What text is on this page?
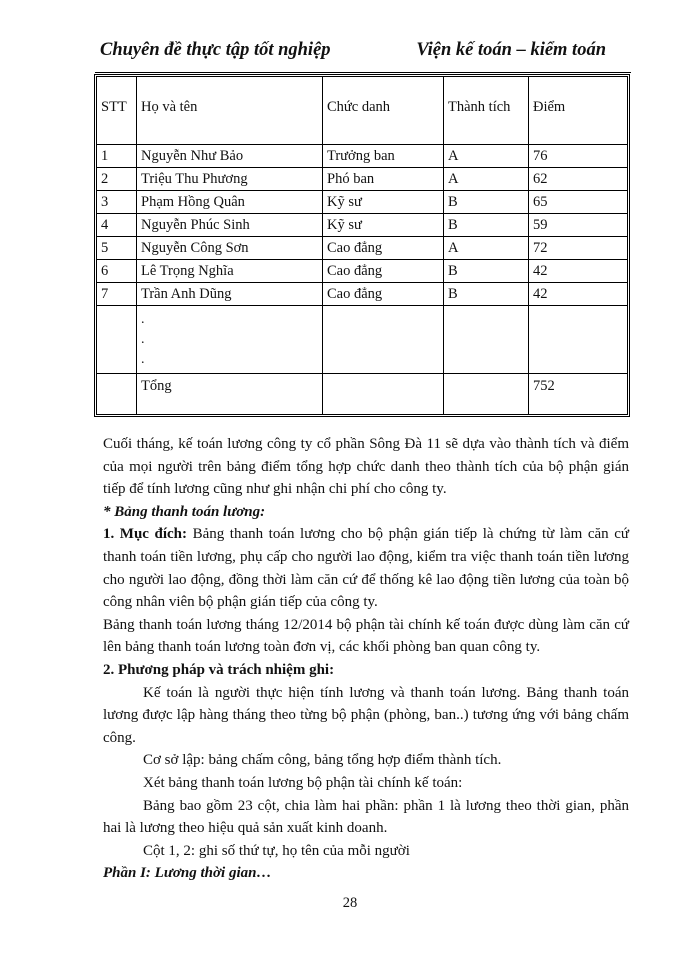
Chuyên đề thực tập tốt nghiệp	Viện kế toán – kiểm toán
STT	Họ và tên	Chức danh	Thành tích	Điểm
1	Nguyễn Như Bảo	Trưởng ban	A	76
2	Triệu Thu Phương	Phó ban	A	62
3	Phạm Hồng Quân	Kỹ sư	B	65
4	Nguyễn Phúc Sinh	Kỹ sư	B	59
5	Nguyễn Công Sơn	Cao đẳng	A	72
6	Lê Trọng Nghĩa	Cao đẳng	B	42
7	Trần Anh Dũng	Cao đẳng	B	42

	.
.
.			

	Tổng			752

Cuối tháng, kế toán lương công ty cổ phần Sông Đà 11 sẽ dựa vào thành tích và điểm của mọi người trên bảng điểm tổng hợp chức danh theo thành tích của bộ phận gián tiếp để tính lương cũng như ghi nhận chi phí cho công ty.

* Bảng thanh toán lương:

1. Mục đích: Bảng thanh toán lương cho bộ phận gián tiếp là chứng từ làm căn cứ thanh toán tiền lương, phụ cấp cho người lao động, kiểm tra việc thanh toán tiền lương cho người lao động, đồng thời làm căn cứ để thống kê lao động tiền lương của toàn bộ công nhân viên bộ phận gián tiếp của công ty.

Bảng thanh toán lương tháng 12/2014 bộ phận tài chính kế toán được dùng làm căn cứ lên bảng thanh toán lương toàn đơn vị, các khối phòng ban quan công ty.

2. Phương pháp và trách nhiệm ghi:

Kế toán là người thực hiện tính lương và thanh toán lương. Bảng thanh toán lương được lập hàng tháng theo từng bộ phận (phòng, ban..) tương ứng với bảng chấm công.

Cơ sở lập: bảng chấm công, bảng tổng hợp điểm thành tích.

Xét bảng thanh toán lương bộ phận tài chính kế toán:

Bảng bao gồm 23 cột, chia làm hai phần: phần 1 là lương theo thời gian, phần hai là lương theo hiệu quả sản xuất kinh doanh.

Cột 1, 2: ghi số thứ tự, họ tên của mỗi người

Phần I: Lương thời gian…

28
